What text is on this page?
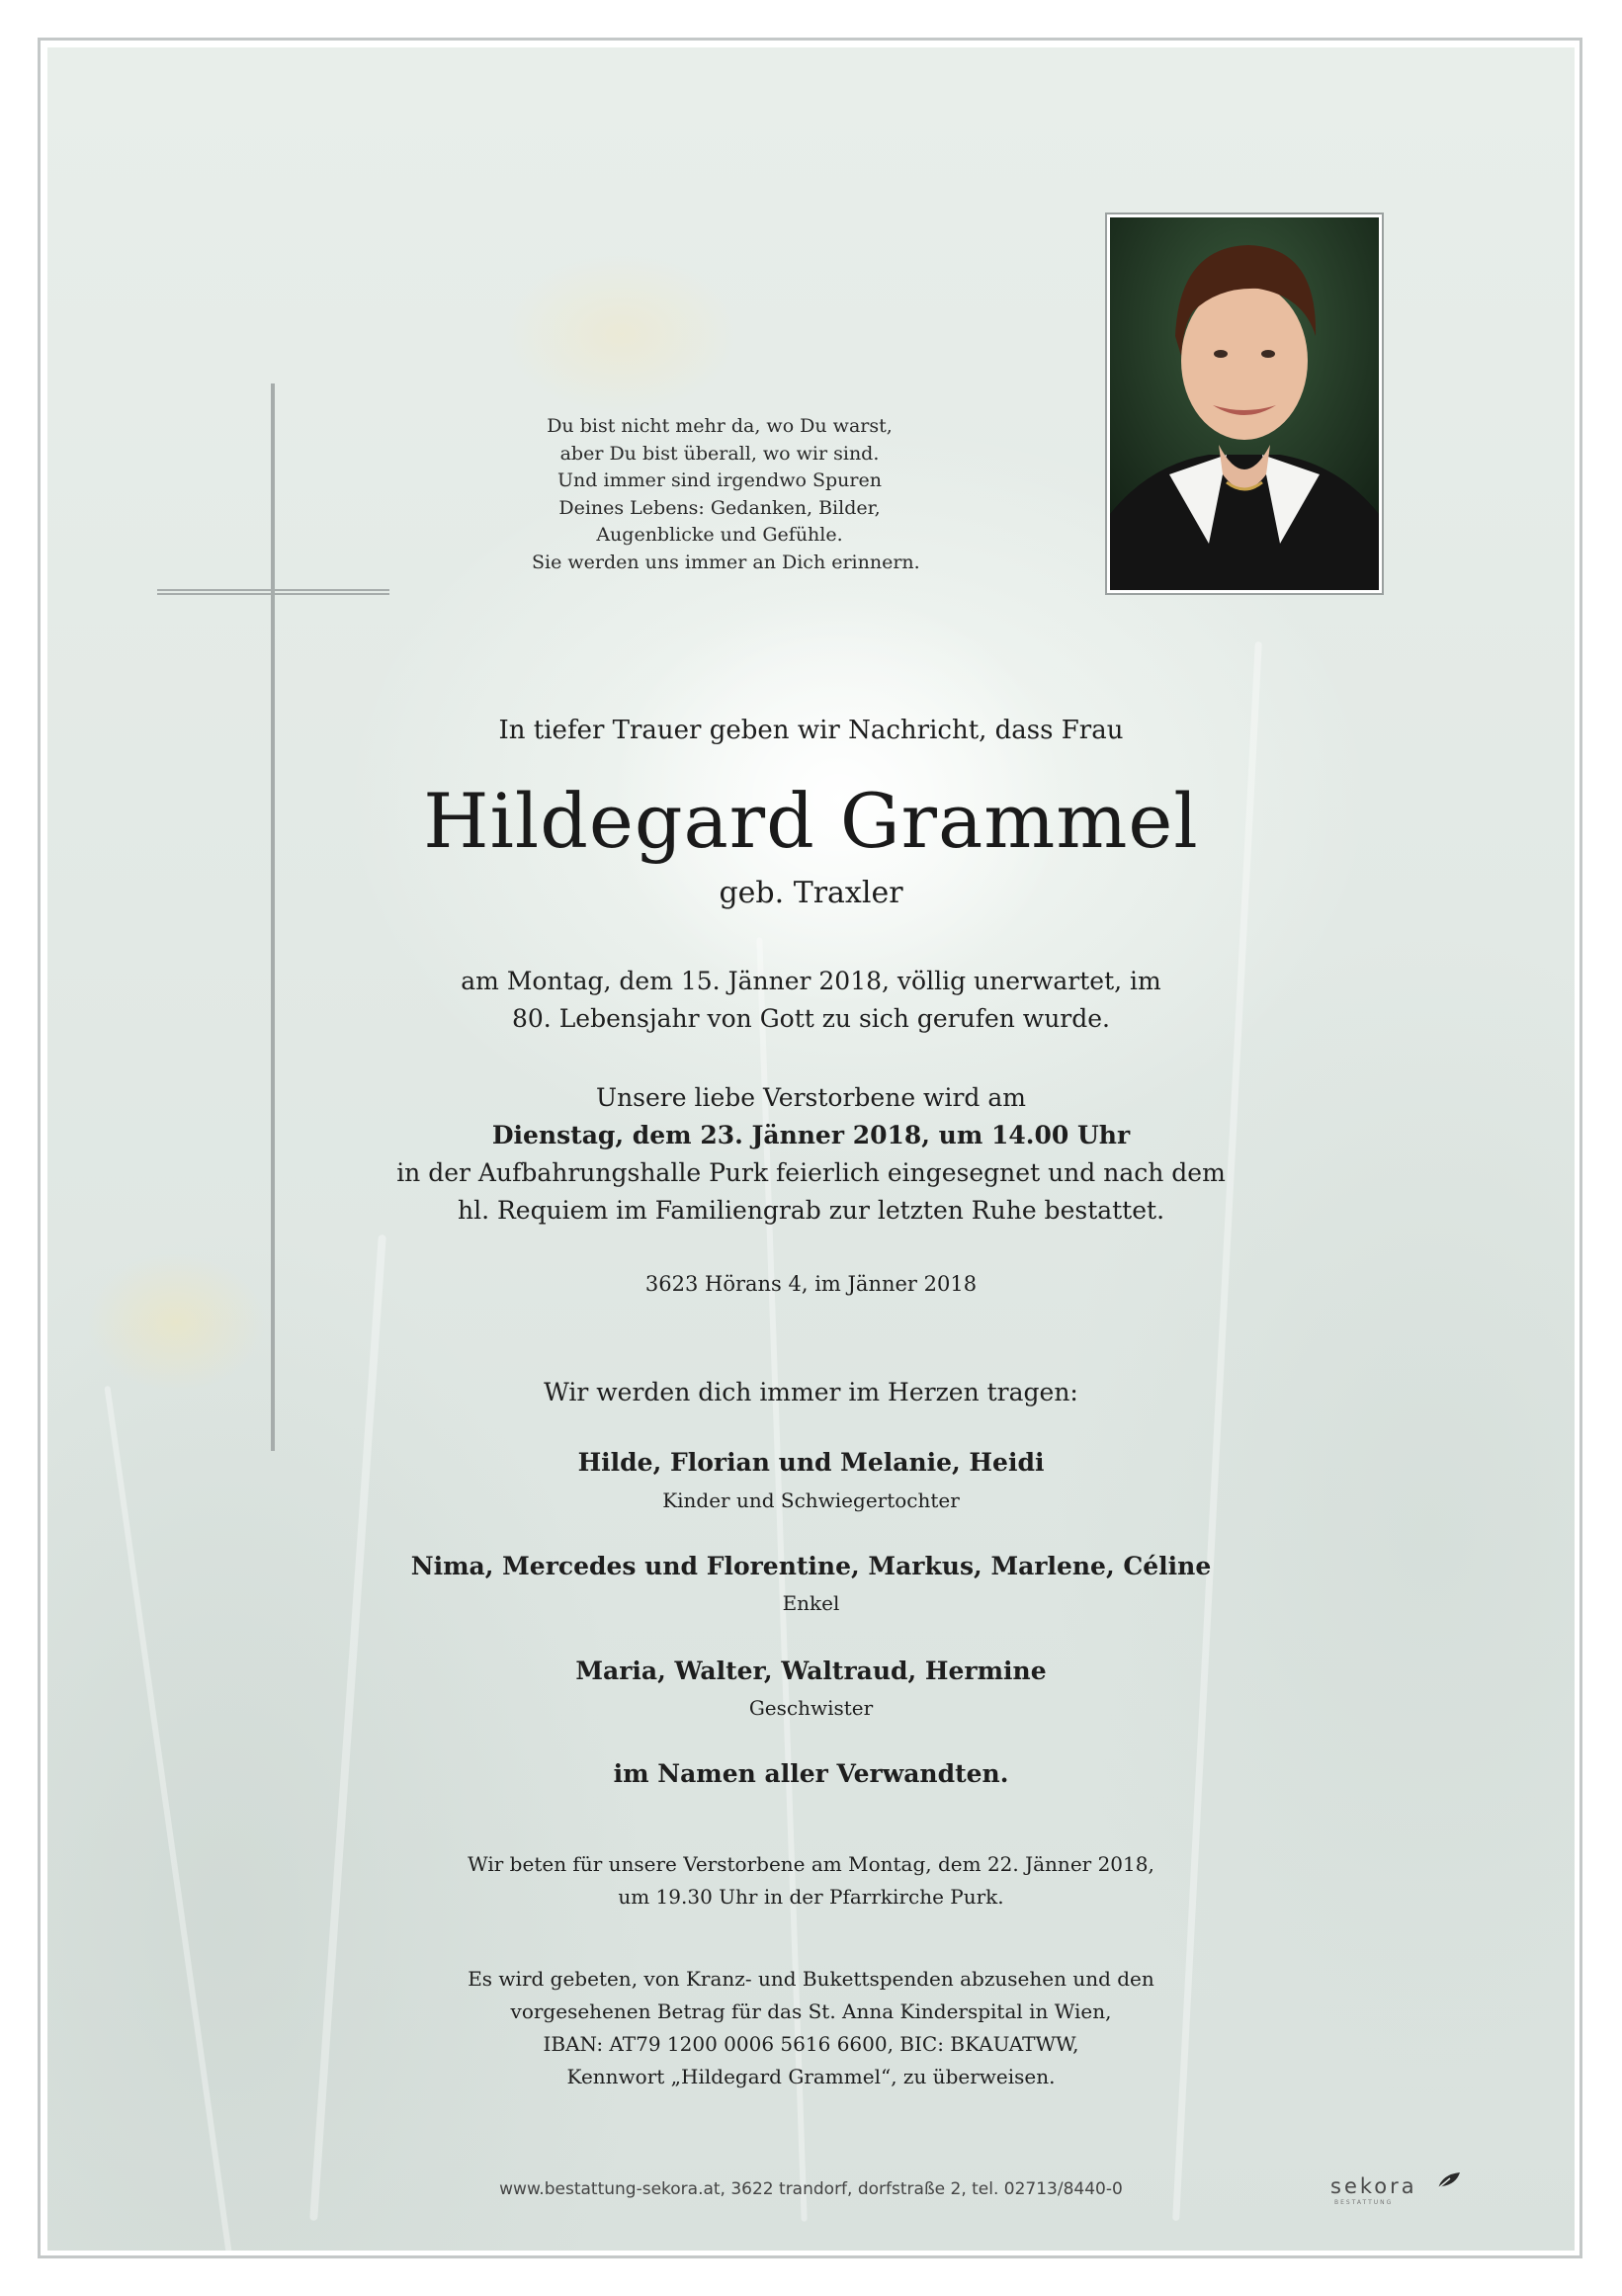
Du bist nicht mehr da, wo Du warst,
aber Du bist überall, wo wir sind.
Und immer sind irgendwo Spuren
Deines Lebens: Gedanken, Bilder,
Augenblicke und Gefühle.
Sie werden uns immer an Dich erinnern.
In tiefer Trauer geben wir Nachricht, dass Frau
Hildegard Grammel
geb. Traxler
am Montag, dem 15. Jänner 2018, völlig unerwartet, im
80. Lebensjahr von Gott zu sich gerufen wurde.
Unsere liebe Verstorbene wird am
Dienstag, dem 23. Jänner 2018, um 14.00 Uhr
in der Aufbahrungshalle Purk feierlich eingesegnet und nach dem
hl. Requiem im Familiengrab zur letzten Ruhe bestattet.
3623 Hörans 4, im Jänner 2018
Wir werden dich immer im Herzen tragen:
Hilde, Florian und Melanie, Heidi
Kinder und Schwiegertochter
Nima, Mercedes und Florentine, Markus, Marlene, Céline
Enkel
Maria, Walter, Waltraud, Hermine
Geschwister
im Namen aller Verwandten.
Wir beten für unsere Verstorbene am Montag, dem 22. Jänner 2018,
um 19.30 Uhr in der Pfarrkirche Purk.
Es wird gebeten, von Kranz- und Bukettspenden abzusehen und den
vorgesehenen Betrag für das St. Anna Kinderspital in Wien,
IBAN: AT79 1200 0006 5616 6600, BIC: BKAUATWW,
Kennwort „Hildegard Grammel“, zu überweisen.
www.bestattung-sekora.at, 3622 trandorf, dorfstraße 2, tel. 02713/8440-0	sekora
BESTATTUNG
